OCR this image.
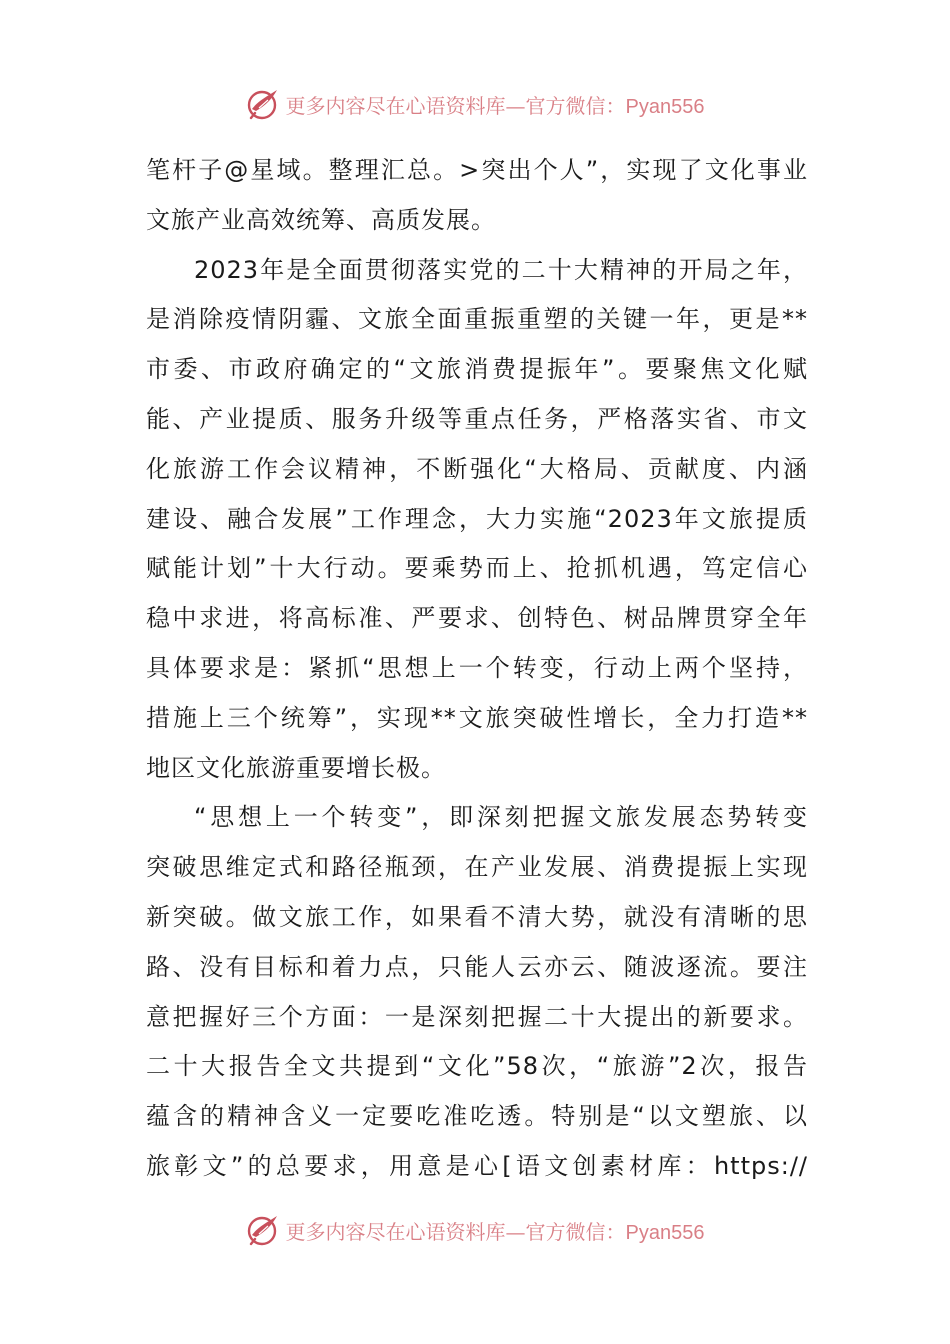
更多内容尽在心语资料库—官方微信：Pyan556
笔杆子@星域。整理汇总。>突出个人”，实现了文化事业
文旅产业高效统筹、高质发展。
2023年是全面贯彻落实党的二十大精神的开局之年，
是消除疫情阴霾、文旅全面重振重塑的关键一年，更是**
市委、市政府确定的“文旅消费提振年”。要聚焦文化赋
能、产业提质、服务升级等重点任务，严格落实省、市文
化旅游工作会议精神，不断强化“大格局、贡献度、内涵
建设、融合发展”工作理念，大力实施“2023年文旅提质
赋能计划”十大行动。要乘势而上、抢抓机遇，笃定信心
稳中求进，将高标准、严要求、创特色、树品牌贯穿全年
具体要求是：紧抓“思想上一个转变，行动上两个坚持，
措施上三个统筹”，实现**文旅突破性增长，全力打造**
地区文化旅游重要增长极。
“思想上一个转变”，即深刻把握文旅发展态势转变
突破思维定式和路径瓶颈，在产业发展、消费提振上实现
新突破。做文旅工作，如果看不清大势，就没有清晰的思
路、没有目标和着力点，只能人云亦云、随波逐流。要注
意把握好三个方面：一是深刻把握二十大提出的新要求。
二十大报告全文共提到“文化”58次，“旅游”2次，报告
蕴含的精神含义一定要吃准吃透。特别是“以文塑旅、以
旅彰文”的总要求，用意是心[语文创素材库：https://
更多内容尽在心语资料库—官方微信：Pyan556
